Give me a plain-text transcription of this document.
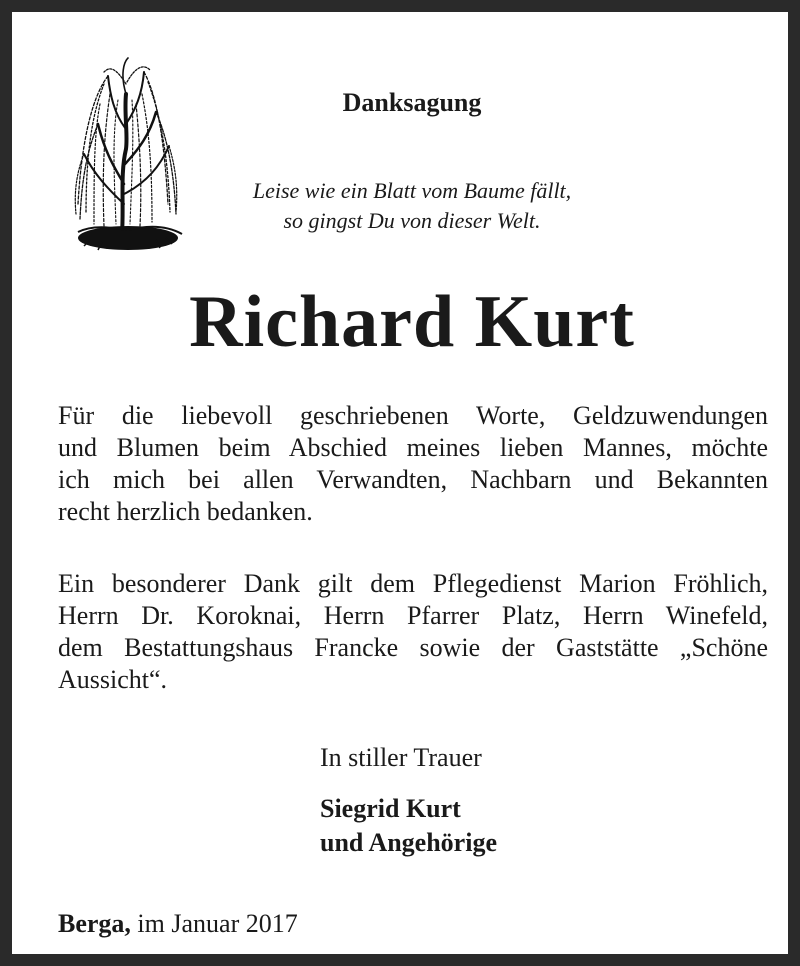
Danksagung
Leise wie ein Blatt vom Baume fällt,
so gingst Du von dieser Welt.
Richard Kurt
Für die liebevoll geschriebenen Worte, Geldzuwendungen
und Blumen beim Abschied meines lieben Mannes, möchte
ich mich bei allen Verwandten, Nachbarn und Bekannten
recht herzlich bedanken.
Ein besonderer Dank gilt dem Pflegedienst Marion Fröhlich,
Herrn Dr. Koroknai, Herrn Pfarrer Platz, Herrn Winefeld,
dem Bestattungshaus Francke sowie der Gaststätte „Schöne
Aussicht“.
In stiller Trauer
Siegrid Kurt
und Angehörige
Berga, im Januar 2017
